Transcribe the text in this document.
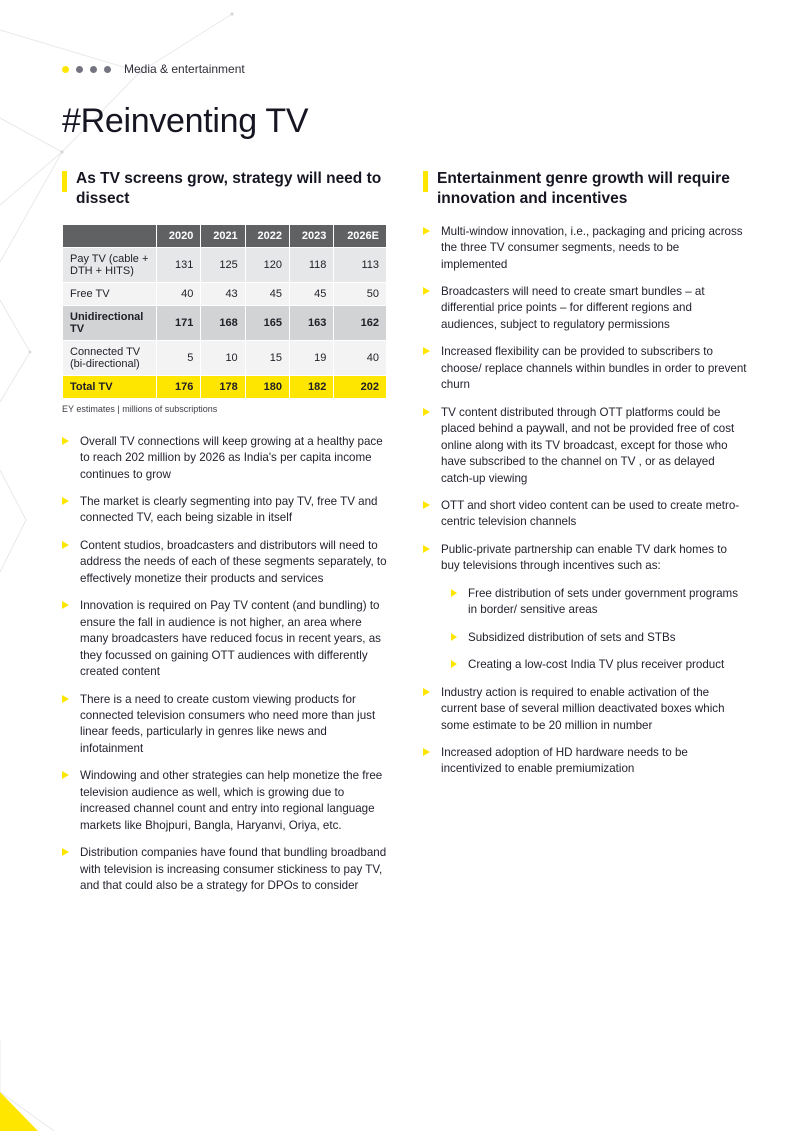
Media & entertainment
#Reinventing TV
As TV screens grow, strategy will need to dissect
	2020	2021	2022	2023	2026E
Pay TV (cable + DTH + HITS)	131	125	120	118	113
Free TV	40	43	45	45	50
Unidirectional TV	171	168	165	163	162
Connected TV (bi-directional)	5	10	15	19	40
Total TV	176	178	180	182	202
EY estimates | millions of subscriptions
Overall TV connections will keep growing at a healthy pace to reach 202 million by 2026 as India's per capita income continues to grow
The market is clearly segmenting into pay TV, free TV and connected TV, each being sizable in itself
Content studios, broadcasters and distributors will need to address the needs of each of these segments separately, to effectively monetize their products and services
Innovation is required on Pay TV content (and bundling) to ensure the fall in audience is not higher, an area where many broadcasters have reduced focus in recent years, as they focussed on gaining OTT audiences with differently created content
There is a need to create custom viewing products for connected television consumers who need more than just linear feeds, particularly in genres like news and infotainment
Windowing and other strategies can help monetize the free television audience as well, which is growing due to increased channel count and entry into regional language markets like Bhojpuri, Bangla, Haryanvi, Oriya, etc.
Distribution companies have found that bundling broadband with television is increasing consumer stickiness to pay TV, and that could also be a strategy for DPOs to consider
Entertainment genre growth will require innovation and incentives
Multi-window innovation, i.e., packaging and pricing across the three TV consumer segments, needs to be implemented
Broadcasters will need to create smart bundles – at differential price points – for different regions and audiences, subject to regulatory permissions
Increased flexibility can be provided to subscribers to choose/ replace channels within bundles in order to prevent churn
TV content distributed through OTT platforms could be placed behind a paywall, and not be provided free of cost online along with its TV broadcast, except for those who have subscribed to the channel on TV , or as delayed catch-up viewing
OTT and short video content can be used to create metro-centric television channels
Public-private partnership can enable TV dark homes to buy televisions through incentives such as:
Free distribution of sets under government programs in border/ sensitive areas
Subsidized distribution of sets and STBs
Creating a low-cost India TV plus receiver product
Industry action is required to enable activation of the current base of several million deactivated boxes which some estimate to be 20 million in number
Increased adoption of HD hardware needs to be incentivized to enable premiumization
